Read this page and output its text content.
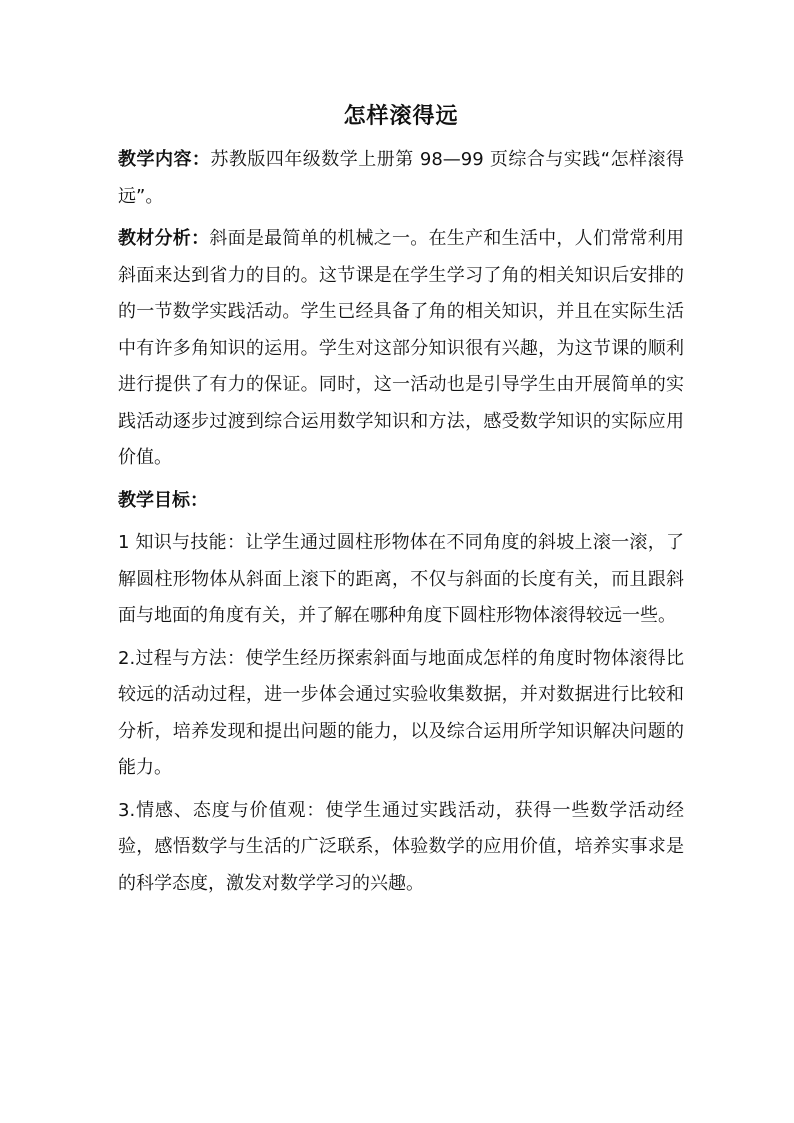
怎样滚得远

教学内容：苏教版四年级数学上册第 98—99 页综合与实践“怎样滚得远”。

教材分析：斜面是最简单的机械之一。在生产和生活中，人们常常利用斜面来达到省力的目的。这节课是在学生学习了角的相关知识后安排的的一节数学实践活动。学生已经具备了角的相关知识，并且在实际生活中有许多角知识的运用。学生对这部分知识很有兴趣，为这节课的顺利进行提供了有力的保证。同时，这一活动也是引导学生由开展简单的实践活动逐步过渡到综合运用数学知识和方法，感受数学知识的实际应用价值。

教学目标：

1 知识与技能：让学生通过圆柱形物体在不同角度的斜坡上滚一滚，了解圆柱形物体从斜面上滚下的距离，不仅与斜面的长度有关，而且跟斜面与地面的角度有关，并了解在哪种角度下圆柱形物体滚得较远一些。

2.过程与方法：使学生经历探索斜面与地面成怎样的角度时物体滚得比较远的活动过程，进一步体会通过实验收集数据，并对数据进行比较和分析，培养发现和提出问题的能力，以及综合运用所学知识解决问题的能力。

3.情感、态度与价值观：使学生通过实践活动，获得一些数学活动经验，感悟数学与生活的广泛联系，体验数学的应用价值，培养实事求是的科学态度，激发对数学学习的兴趣。
